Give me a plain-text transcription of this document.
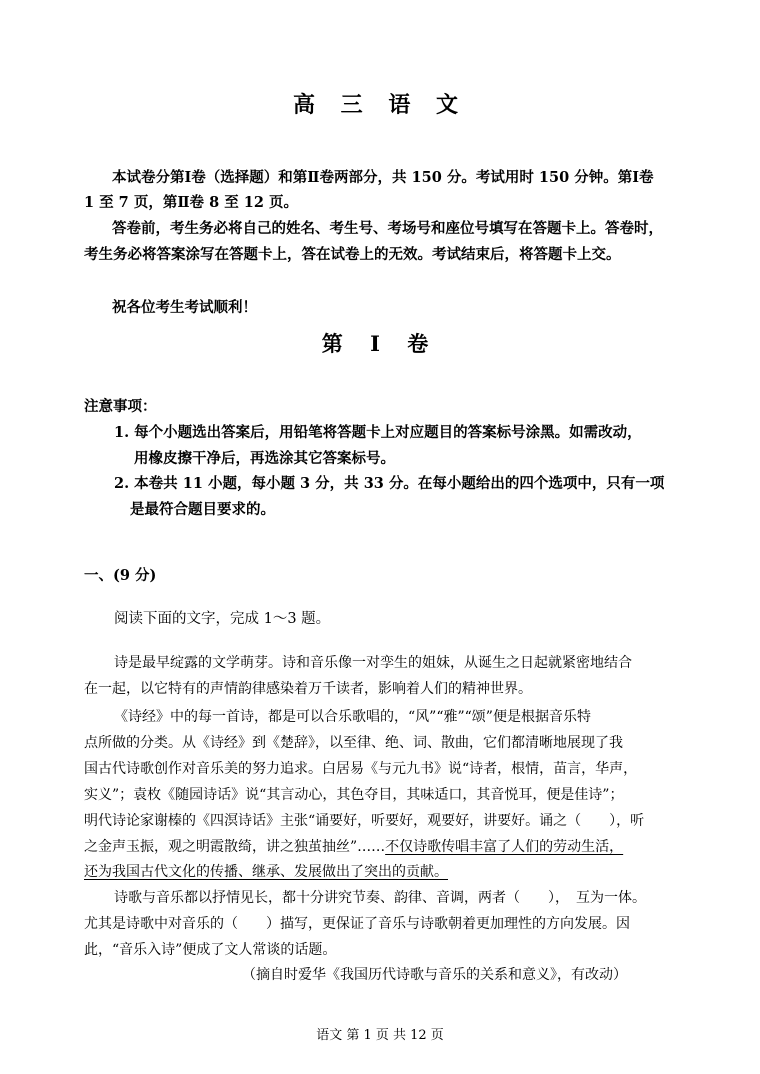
高 三 语 文
本试卷分第Ⅰ卷（选择题）和第Ⅱ卷两部分，共 150 分。考试用时 150 分钟。第Ⅰ卷
1 至 7 页，第Ⅱ卷 8 至 12 页。
答卷前，考生务必将自己的姓名、考生号、考场号和座位号填写在答题卡上。答卷时，
考生务必将答案涂写在答题卡上，答在试卷上的无效。考试结束后，将答题卡上交。
祝各位考生考试顺利！
第 Ⅰ 卷
注意事项：
1. 每个小题选出答案后，用铅笔将答题卡上对应题目的答案标号涂黑。如需改动，
用橡皮擦干净后，再选涂其它答案标号。
2. 本卷共 11 小题，每小题 3 分，共 33 分。在每小题给出的四个选项中，只有一项
是最符合题目要求的。
一、(9 分)
阅读下面的文字，完成 1～3 题。
诗是最早绽露的文学萌芽。诗和音乐像一对孪生的姐妹，从诞生之日起就紧密地结合
在一起，以它特有的声情韵律感染着万千读者，影响着人们的精神世界。
《诗经》中的每一首诗，都是可以合乐歌唱的，“风”“雅”“颂”便是根据音乐特
点所做的分类。从《诗经》到《楚辞》，以至律、绝、词、散曲，它们都清晰地展现了我
国古代诗歌创作对音乐美的努力追求。白居易《与元九书》说“诗者，根情，苗言，华声，
实义”；袁枚《随园诗话》说“其言动心，其色夺目，其味适口，其音悦耳，便是佳诗”；
明代诗论家谢榛的《四溟诗话》主张“诵要好，听要好，观要好，讲要好。诵之（　　），听
之金声玉振，观之明霞散绮，讲之独茧抽丝”……不仅诗歌传唱丰富了人们的劳动生活，
还为我国古代文化的传播、继承、发展做出了突出的贡献。
诗歌与音乐都以抒情见长，都十分讲究节奏、韵律、音调，两者（　　），　互为一体。
尤其是诗歌中对音乐的（　　）描写，更保证了音乐与诗歌朝着更加理性的方向发展。因
此，“音乐入诗”便成了文人常谈的话题。
（摘自时爱华《我国历代诗歌与音乐的关系和意义》，有改动）
语文 第 1 页 共 12 页
